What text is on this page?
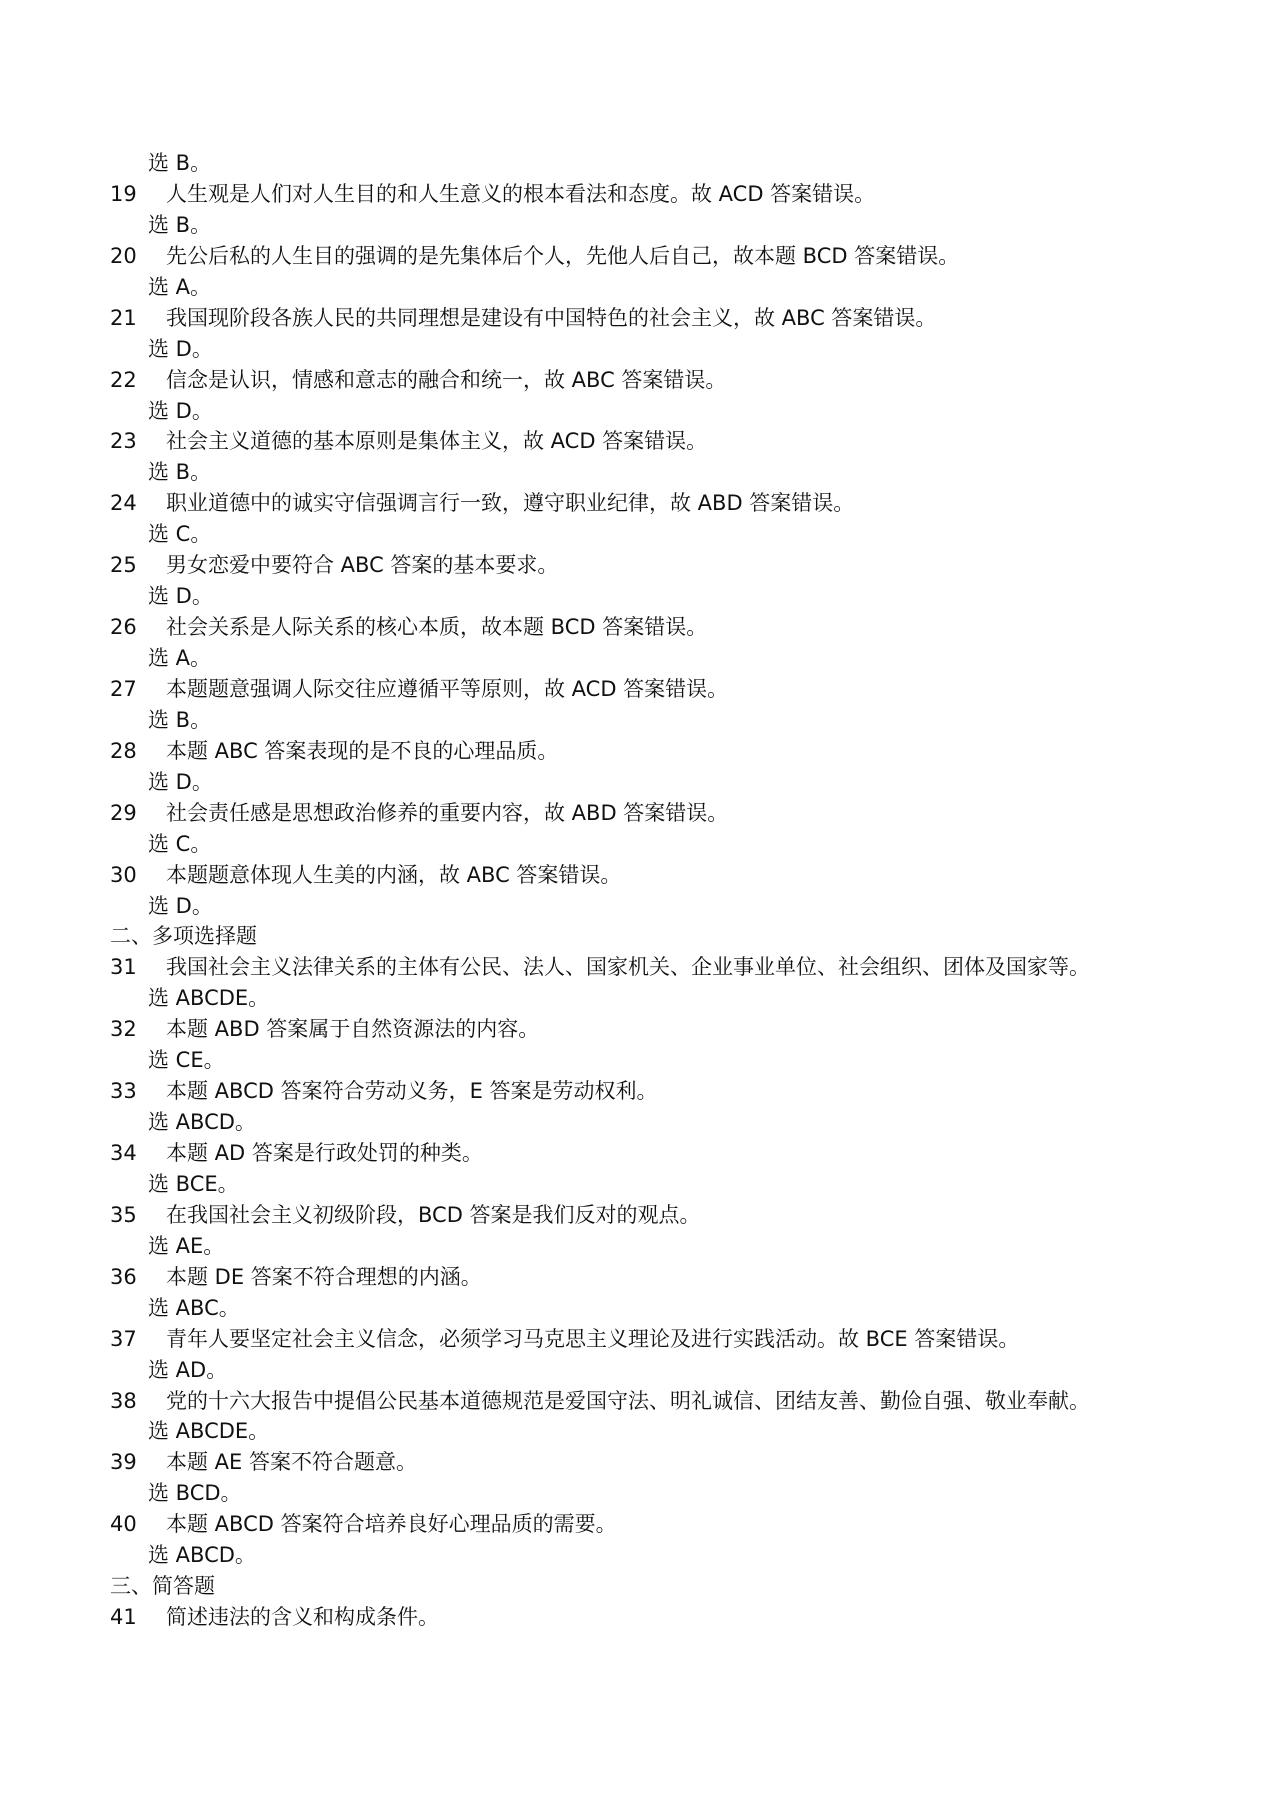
选 B。
19 人生观是人们对人生目的和人生意义的根本看法和态度。故 ACD 答案错误。
选 B。
20 先公后私的人生目的强调的是先集体后个人，先他人后自己，故本题 BCD 答案错误。
选 A。
21 我国现阶段各族人民的共同理想是建设有中国特色的社会主义，故 ABC 答案错误。
选 D。
22 信念是认识，情感和意志的融合和统一，故 ABC 答案错误。
选 D。
23 社会主义道德的基本原则是集体主义，故 ACD 答案错误。
选 B。
24 职业道德中的诚实守信强调言行一致，遵守职业纪律，故 ABD 答案错误。
选 C。
25 男女恋爱中要符合 ABC 答案的基本要求。
选 D。
26 社会关系是人际关系的核心本质，故本题 BCD 答案错误。
选 A。
27 本题题意强调人际交往应遵循平等原则，故 ACD 答案错误。
选 B。
28 本题 ABC 答案表现的是不良的心理品质。
选 D。
29 社会责任感是思想政治修养的重要内容，故 ABD 答案错误。
选 C。
30 本题题意体现人生美的内涵，故 ABC 答案错误。
选 D。
二、多项选择题
31 我国社会主义法律关系的主体有公民、法人、国家机关、企业事业单位、社会组织、团体及国家等。
选 ABCDE。
32 本题 ABD 答案属于自然资源法的内容。
选 CE。
33 本题 ABCD 答案符合劳动义务，E 答案是劳动权利。
选 ABCD。
34 本题 AD 答案是行政处罚的种类。
选 BCE。
35 在我国社会主义初级阶段，BCD 答案是我们反对的观点。
选 AE。
36 本题 DE 答案不符合理想的内涵。
选 ABC。
37 青年人要坚定社会主义信念，必须学习马克思主义理论及进行实践活动。故 BCE 答案错误。
选 AD。
38 党的十六大报告中提倡公民基本道德规范是爱国守法、明礼诚信、团结友善、勤俭自强、敬业奉献。
选 ABCDE。
39 本题 AE 答案不符合题意。
选 BCD。
40 本题 ABCD 答案符合培养良好心理品质的需要。
选 ABCD。
三、简答题
41 简述违法的含义和构成条件。
